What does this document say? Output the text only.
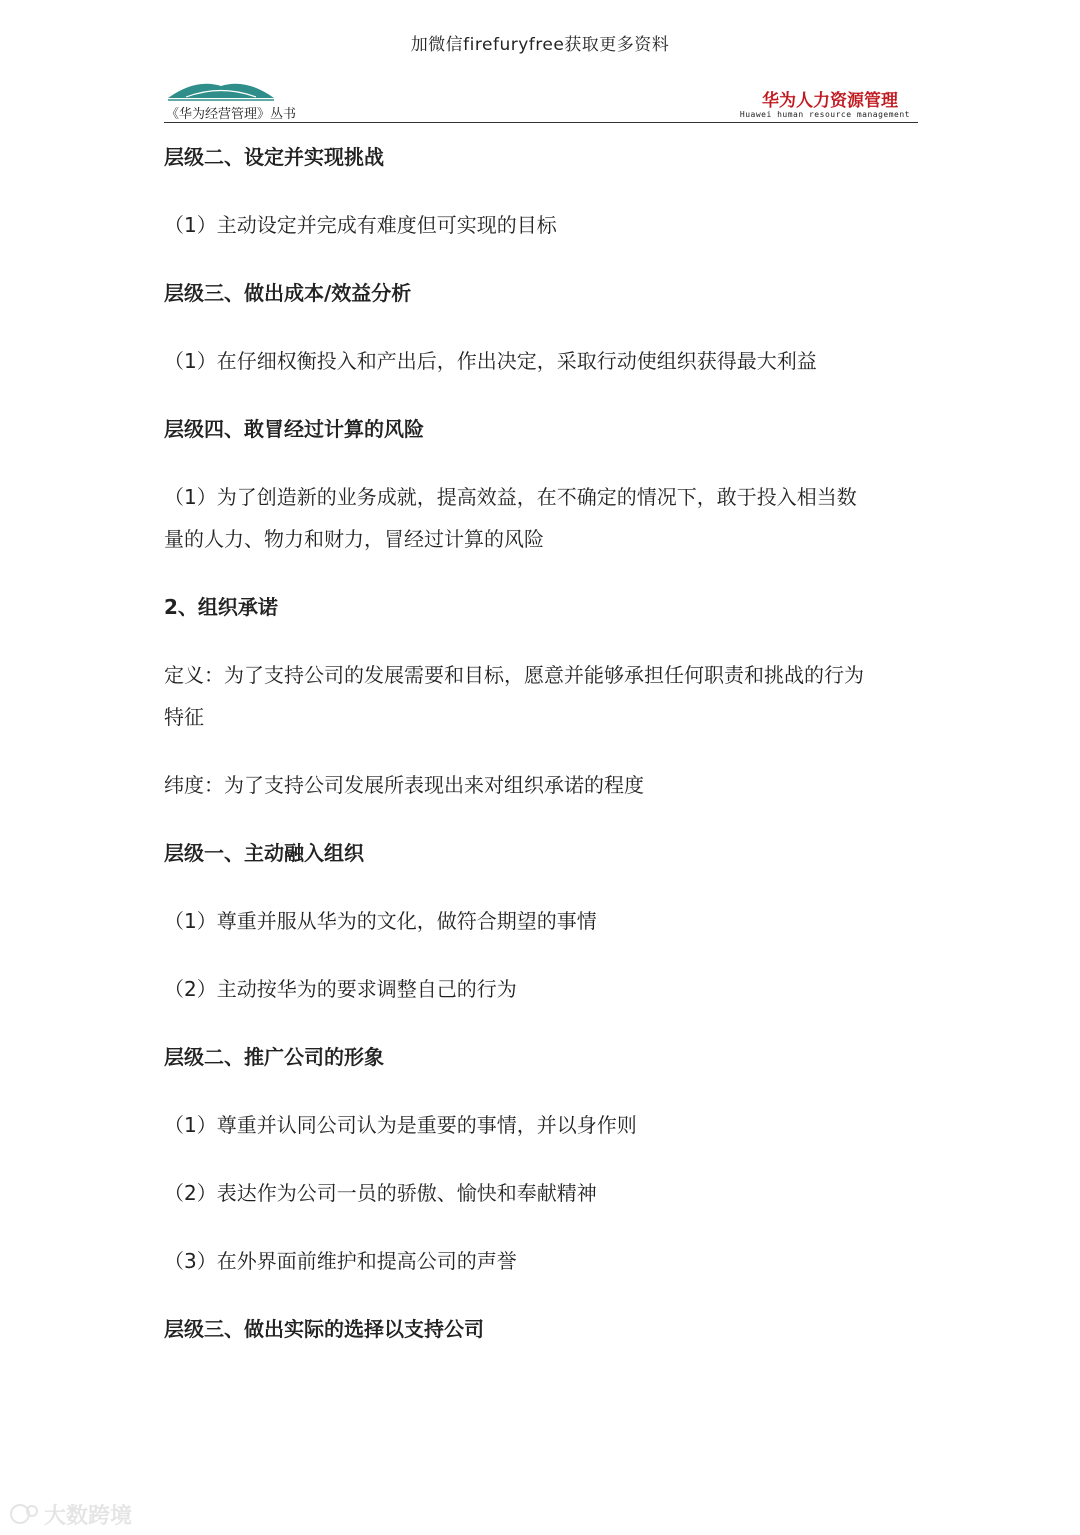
加微信firefuryfree获取更多资料
《华为经营管理》丛书
华为人力资源管理
Huawei human resource management

层级二、设定并实现挑战

（1）主动设定并完成有难度但可实现的目标

层级三、做出成本/效益分析

（1）在仔细权衡投入和产出后，作出决定，采取行动使组织获得最大利益

层级四、敢冒经过计算的风险

（1）为了创造新的业务成就，提高效益，在不确定的情况下，敢于投入相当数

量的人力、物力和财力，冒经过计算的风险

2、组织承诺

定义：为了支持公司的发展需要和目标，愿意并能够承担任何职责和挑战的行为

特征

纬度：为了支持公司发展所表现出来对组织承诺的程度

层级一、主动融入组织

（1）尊重并服从华为的文化，做符合期望的事情

（2）主动按华为的要求调整自己的行为

层级二、推广公司的形象

（1）尊重并认同公司认为是重要的事情，并以身作则

（2）表达作为公司一员的骄傲、愉快和奉献精神

（3）在外界面前维护和提高公司的声誉

层级三、做出实际的选择以支持公司

大数跨境
